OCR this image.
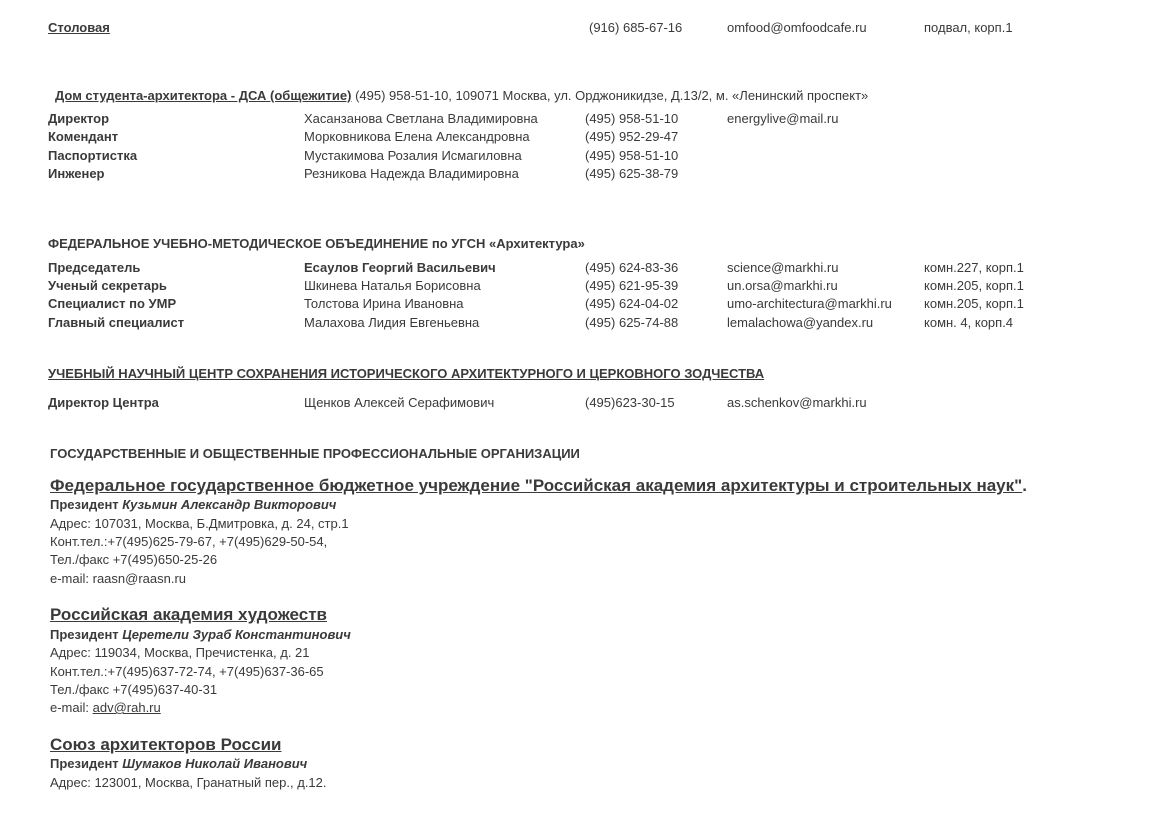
Столовая	(916) 685-67-16	omfood@omfoodcafe.ru	подвал, корп.1
Дом студента-архитектора - ДСА (общежитие) (495) 958-51-10, 109071 Москва, ул. Орджоникидзе, Д.13/2, м. «Ленинский проспект»
Директор	Хасанзанова Светлана Владимировна	(495) 958-51-10	energylive@mail.ru
Комендант	Морковникова Елена Александровна	(495) 952-29-47
Паспортистка	Мустакимова Розалия Исмагиловна	(495) 958-51-10
Инженер	Резникова Надежда Владимировна	(495) 625-38-79
ФЕДЕРАЛЬНОЕ УЧЕБНО-МЕТОДИЧЕСКОЕ ОБЪЕДИНЕНИЕ по УГСН «Архитектура»
Председатель	Есаулов Георгий Васильевич	(495) 624-83-36	science@markhi.ru	комн.227, корп.1
Ученый секретарь	Шкинева Наталья Борисовна	(495) 621-95-39	un.orsa@markhi.ru	комн.205, корп.1
Специалист по УМР	Толстова Ирина Ивановна	(495) 624-04-02	umo-architectura@markhi.ru комн.205, корп.1
Главный специалист	Малахова Лидия Евгеньевна	(495) 625-74-88	lemalachowa@yandex.ru	комн. 4, корп.4
УЧЕБНЫЙ НАУЧНЫЙ ЦЕНТР СОХРАНЕНИЯ ИСТОРИЧЕСКОГО АРХИТЕКТУРНОГО И ЦЕРКОВНОГО ЗОДЧЕСТВА
Директор Центра	Щенков Алексей Серафимович	(495)623-30-15	as.schenkov@markhi.ru
ГОСУДАРСТВЕННЫЕ И ОБЩЕСТВЕННЫЕ ПРОФЕССИОНАЛЬНЫЕ ОРГАНИЗАЦИИ
Федеральное государственное бюджетное учреждение "Российская академия архитектуры и строительных наук".
Президент Кузьмин Александр Викторович
Адрес: 107031, Москва, Б.Дмитровка, д. 24, стр.1
Конт.тел.:+7(495)625-79-67, +7(495)629-50-54,
Тел./факс +7(495)650-25-26
e-mail: raasn@raasn.ru
Российская академия художеств
Президент Церетели Зураб Константинович
Адрес: 119034, Москва, Пречистенка, д. 21
Конт.тел.:+7(495)637-72-74, +7(495)637-36-65
Тел./факс +7(495)637-40-31
e-mail: adv@rah.ru
Союз архитекторов России
Президент Шумаков Николай Иванович
Адрес: 123001, Москва, Гранатный пер., д.12.
